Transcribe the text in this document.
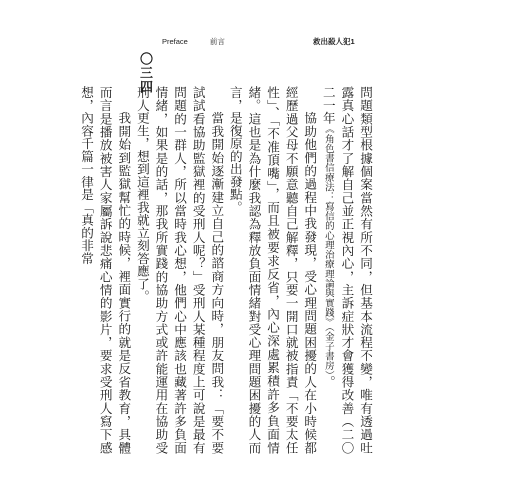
Preface	前言	救出殺人犯1
〇三四

問題類型根據個案當然有所不同，但基本流程不變，唯有透過吐露真心話才了解自己並正視內心，主訴症狀才會獲得改善（二〇二一年《角色書信療法：寫信的心理治療理論與實踐》（金子書房）。

協助他們的過程中我發現，受心理問題困擾的人在小時候都經歷過父母不願意聽自己解釋，只要一開口就被指責「不要太任性」、「不准頂嘴」，而且被要求反省，內心深處累積許多負面情緒。這也是為什麼我認為釋放負面情緒對受心理問題困擾的人而言，是復原的出發點。

當我開始逐漸建立自己的諮商方向時，朋友問我：「要不要試試看協助監獄裡的受刑人呢？」受刑人某種程度上可說是最有問題的一群人，所以當時我心想，他們心中應該也藏著許多負面情緒，如果是的話，那我所實踐的協助方式或許能運用在協助受刑人更生，想到這裡我就立刻答應了。

我開始到監獄幫忙的時候，裡面實行的就是反省教育，具體而言是播放被害人家屬訴說悲痛心情的影片，要求受刑人寫下感想，內容千篇一律是「真的非常
